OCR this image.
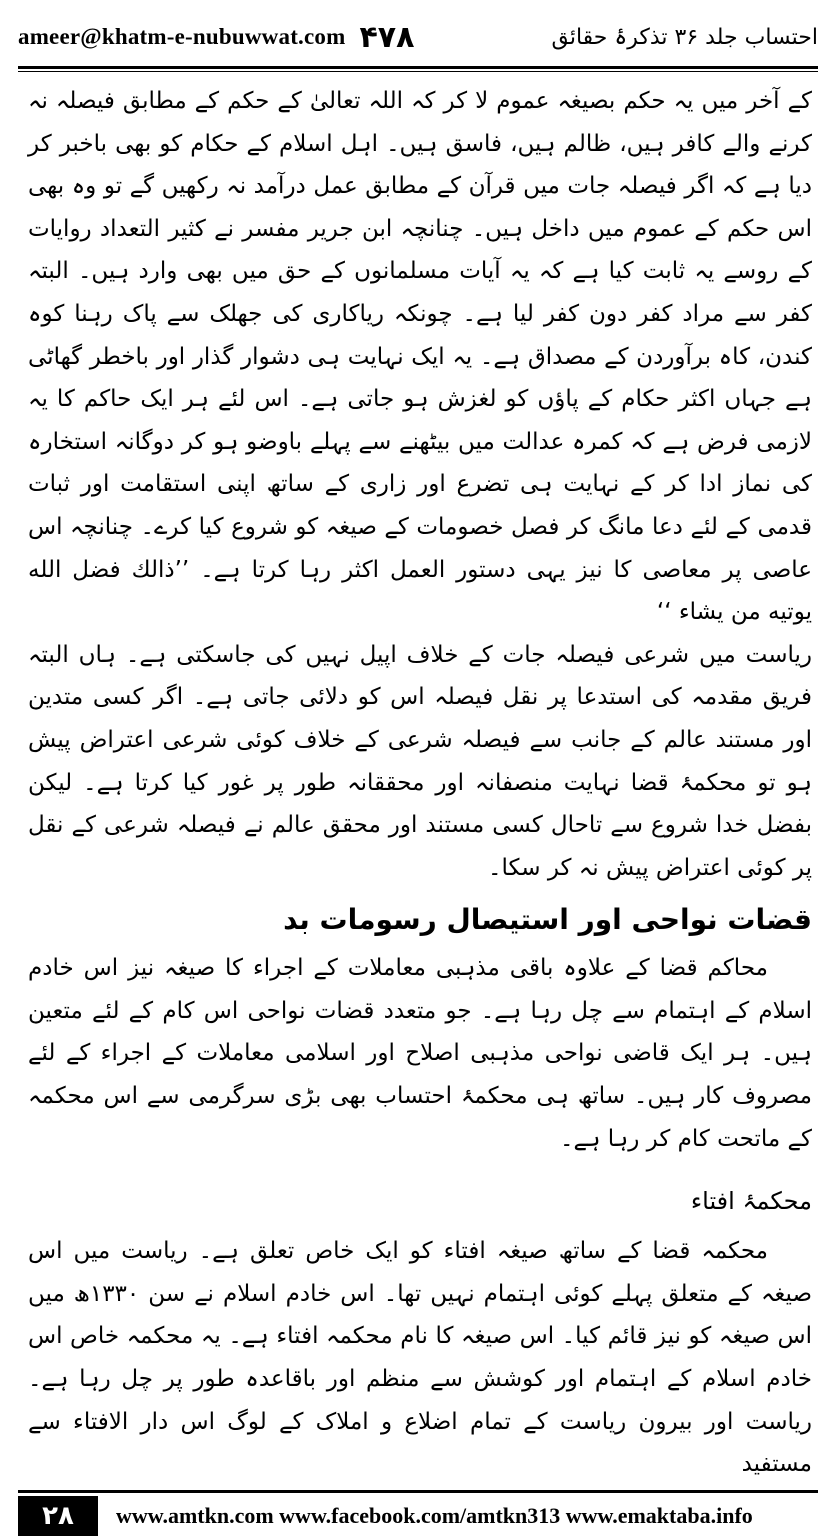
ameer@khatm-e-nubuwwat.com ۴۷۸	احتساب جلد ۳۶ تذکرۂ حقائق

کے آخر میں یہ حکم بصیغہ عموم لا کر کہ اللہ تعالیٰ کے حکم کے مطابق فیصلہ نہ کرنے والے کافر ہیں، ظالم ہیں، فاسق ہیں۔ اہل اسلام کے حکام کو بھی باخبر کر دیا ہے کہ اگر فیصلہ جات میں قرآن کے مطابق عمل درآمد نہ رکھیں گے تو وہ بھی اس حکم کے عموم میں داخل ہیں۔ چنانچہ ابن جریر مفسر نے کثیر التعداد روایات کے روسے یہ ثابت کیا ہے کہ یہ آیات مسلمانوں کے حق میں بھی وارد ہیں۔ البتہ کفر سے مراد کفر دون کفر لیا ہے۔ چونکہ ریاکاری کی جھلک سے پاک رہنا کوہ کندن، کاہ برآوردن کے مصداق ہے۔ یہ ایک نہایت ہی دشوار گذار اور باخطر گھاٹی ہے جہاں اکثر حکام کے پاؤں کو لغزش ہو جاتی ہے۔ اس لئے ہر ایک حاکم کا یہ لازمی فرض ہے کہ کمرہ عدالت میں بیٹھنے سے پہلے باوضو ہو کر دوگانہ استخارہ کی نماز ادا کر کے نہایت ہی تضرع اور زاری کے ساتھ اپنی استقامت اور ثبات قدمی کے لئے دعا مانگ کر فصل خصومات کے صیغہ کو شروع کیا کرے۔ چنانچہ اس عاصی پر معاصی کا نیز یہی دستور العمل اکثر رہا کرتا ہے۔ ’’ذالك فضل الله يوتيه من يشاء ‘‘

ریاست میں شرعی فیصلہ جات کے خلاف اپیل نہیں کی جاسکتی ہے۔ ہاں البتہ فریق مقدمہ کی استدعا پر نقل فیصلہ اس کو دلائی جاتی ہے۔ اگر کسی متدین اور مستند عالم کے جانب سے فیصلہ شرعی کے خلاف کوئی شرعی اعتراض پیش ہو تو محکمۂ قضا نہایت منصفانہ اور محققانہ طور پر غور کیا کرتا ہے۔ لیکن بفضل خدا شروع سے تاحال کسی مستند اور محقق عالم نے فیصلہ شرعی کے نقل پر کوئی اعتراض پیش نہ کر سکا۔

قضات نواحی اور استیصال رسومات بد

محاکم قضا کے علاوہ باقی مذہبی معاملات کے اجراء کا صیغہ نیز اس خادم اسلام کے اہتمام سے چل رہا ہے۔ جو متعدد قضات نواحی اس کام کے لئے متعین ہیں۔ ہر ایک قاضی نواحی مذہبی اصلاح اور اسلامی معاملات کے اجراء کے لئے مصروف کار ہیں۔ ساتھ ہی محکمۂ احتساب بھی بڑی سرگرمی سے اس محکمہ کے ماتحت کام کر رہا ہے۔

محکمۂ افتاء

محکمہ قضا کے ساتھ صیغہ افتاء کو ایک خاص تعلق ہے۔ ریاست میں اس صیغہ کے متعلق پہلے کوئی اہتمام نہیں تھا۔ اس خادم اسلام نے سن ۱۳۳۰ھ میں اس صیغہ کو نیز قائم کیا۔ اس صیغہ کا نام محکمہ افتاء ہے۔ یہ محکمہ خاص اس خادم اسلام کے اہتمام اور کوشش سے منظم اور باقاعدہ طور پر چل رہا ہے۔ ریاست اور بیرون ریاست کے تمام اضلاع و املاک کے لوگ اس دار الافتاء سے مستفید

۲۸	www.amtkn.com www.facebook.com/amtkn313 www.emaktaba.info
